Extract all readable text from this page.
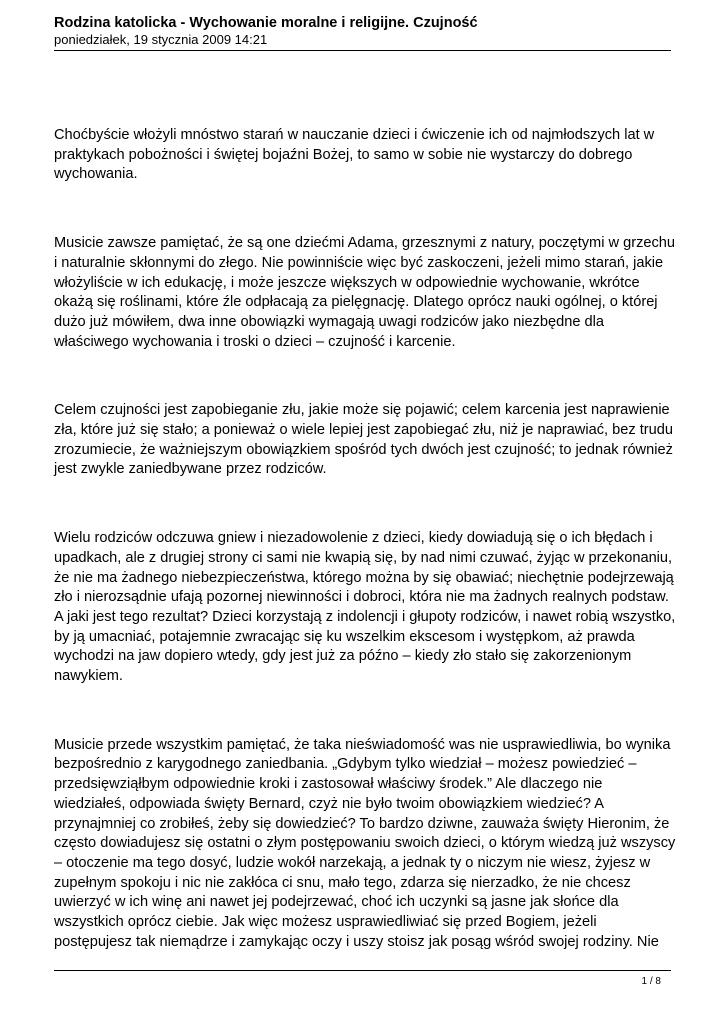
Rodzina katolicka - Wychowanie moralne i religijne. Czujność
poniedziałek, 19 stycznia 2009 14:21

Choćbyście włożyli mnóstwo starań w nauczanie dzieci i ćwiczenie ich od najmłodszych lat w praktykach pobożności i świętej bojaźni Bożej, to samo w sobie nie wystarczy do dobrego wychowania.

Musicie zawsze pamiętać, że są one dziećmi Adama, grzesznymi z natury, poczętymi w grzechu i naturalnie skłonnymi do złego. Nie powinniście więc być zaskoczeni, jeżeli mimo starań, jakie włożyliście w ich edukację, i może jeszcze większych w odpowiednie wychowanie, wkrótce okażą się roślinami, które źle odpłacają za pielęgnację. Dlatego oprócz nauki ogólnej, o której dużo już mówiłem, dwa inne obowiązki wymagają uwagi rodziców jako niezbędne dla właściwego wychowania i troski o dzieci – czujność i karcenie.

Celem czujności jest zapobieganie złu, jakie może się pojawić; celem karcenia jest naprawienie zła, które już się stało; a ponieważ o wiele lepiej jest zapobiegać złu, niż je naprawiać, bez trudu zrozumiecie, że ważniejszym obowiązkiem spośród tych dwóch jest czujność; to jednak również jest zwykle zaniedbywane przez rodziców.

Wielu rodziców odczuwa gniew i niezadowolenie z dzieci, kiedy dowiadują się o ich błędach i upadkach, ale z drugiej strony ci sami nie kwapią się, by nad nimi czuwać, żyjąc w przekonaniu, że nie ma żadnego niebezpieczeństwa, którego można by się obawiać; niechętnie podejrzewają zło i nierozsądnie ufają pozornej niewinności i dobroci, która nie ma żadnych realnych podstaw. A jaki jest tego rezultat? Dzieci korzystają z indolencji i głupoty rodziców, i nawet robią wszystko, by ją umacniać, potajemnie zwracając się ku wszelkim ekscesom i występkom, aż prawda wychodzi na jaw dopiero wtedy, gdy jest już za późno – kiedy zło stało się zakorzenionym nawykiem.

Musicie przede wszystkim pamiętać, że taka nieświadomość was nie usprawiedliwia, bo wynika bezpośrednio z karygodnego zaniedbania. „Gdybym tylko wiedział – możesz powiedzieć – przedsięwziąłbym odpowiednie kroki i zastosował właściwy środek.” Ale dlaczego nie wiedziałeś, odpowiada święty Bernard, czyż nie było twoim obowiązkiem wiedzieć? A przynajmniej co zrobiłeś, żeby się dowiedzieć? To bardzo dziwne, zauważa święty Hieronim, że często dowiadujesz się ostatni o złym postępowaniu swoich dzieci, o którym wiedzą już wszyscy – otoczenie ma tego dosyć, ludzie wokół narzekają, a jednak ty o niczym nie wiesz, żyjesz w zupełnym spokoju i nic nie zakłóca ci snu, mało tego, zdarza się nierzadko, że nie chcesz uwierzyć w ich winę ani nawet jej podejrzewać, choć ich uczynki są jasne jak słońce dla wszystkich oprócz ciebie. Jak więc możesz usprawiedliwiać się przed Bogiem, jeżeli postępujesz tak niemądrze i zamykając oczy i uszy stoisz jak posąg wśród swojej rodziny. Nie

1 / 8
